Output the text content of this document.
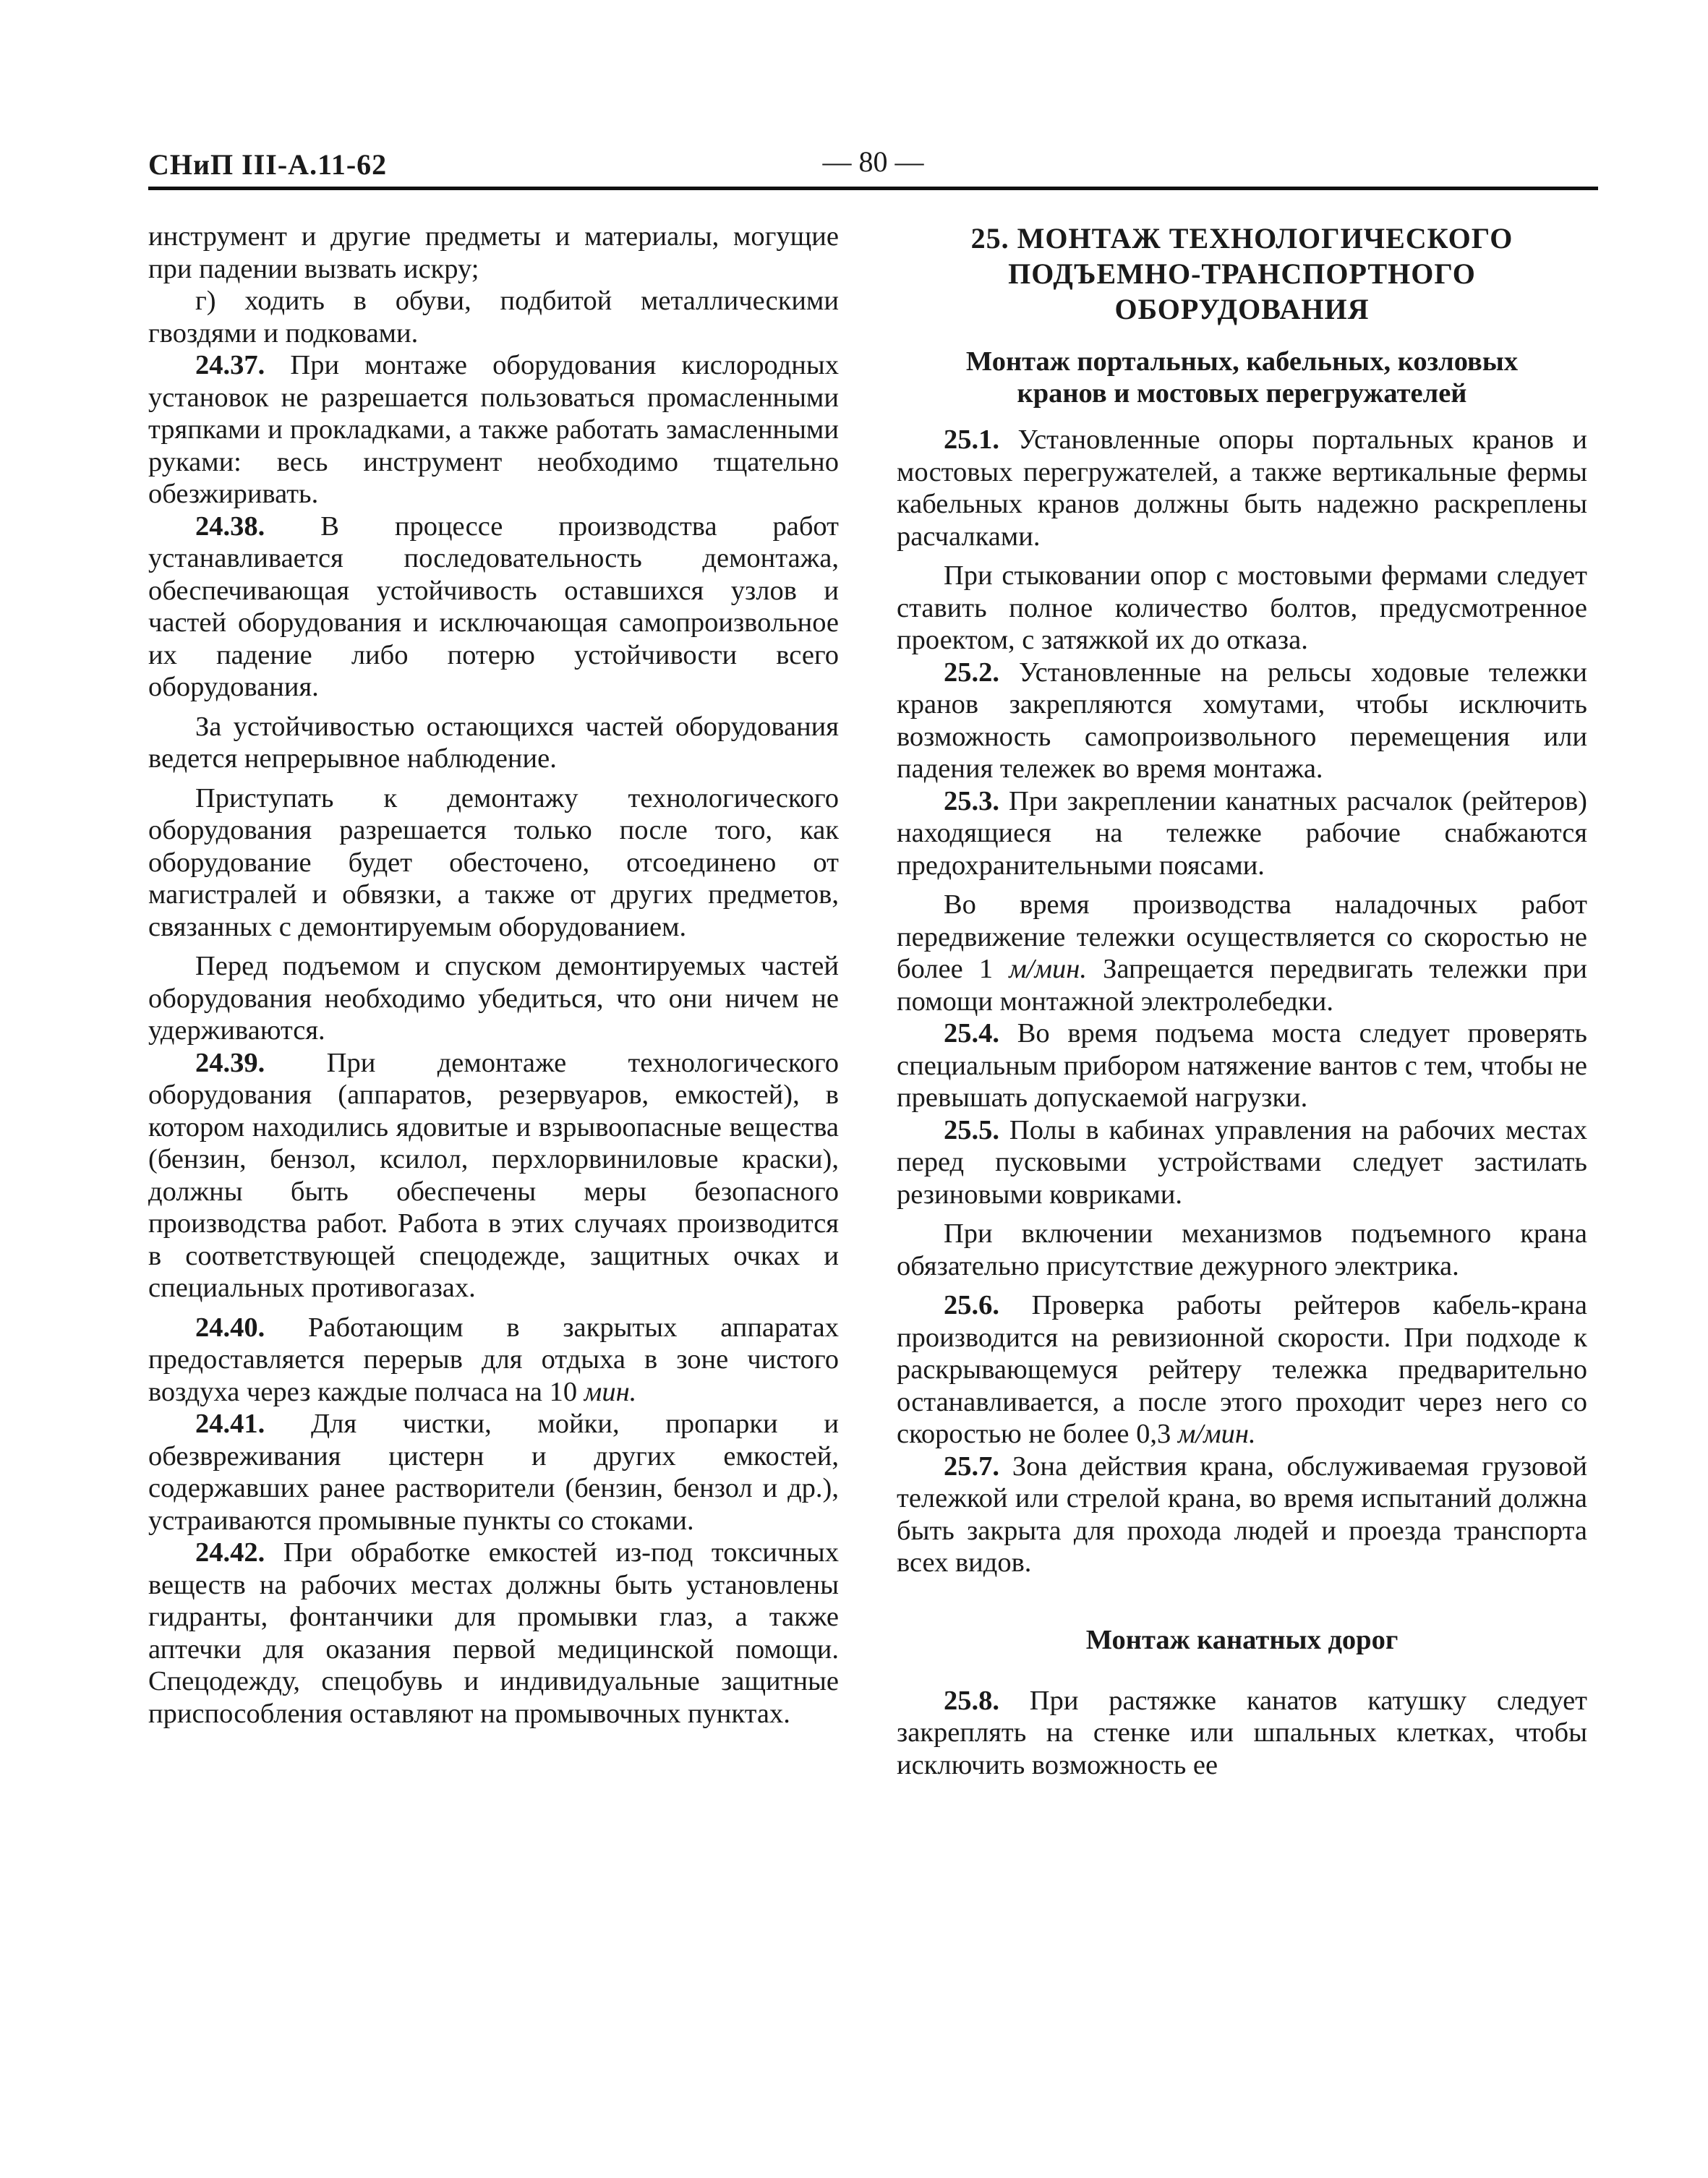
СНиП III-А.11-62	— 80 —

инструмент и другие предметы и материалы, могущие при падении вызвать искру;

г) ходить в обуви, подбитой металлическими гвоздями и подковами.

24.37. При монтаже оборудования кислородных установок не разрешается пользоваться промасленными тряпками и прокладками, а также работать замасленными руками: весь инструмент необходимо тщательно обезжиривать.

24.38. В процессе производства работ устанавливается последовательность демонтажа, обеспечивающая устойчивость оставшихся узлов и частей оборудования и исключающая самопроизвольное их падение либо потерю устойчивости всего оборудования.

За устойчивостью остающихся частей оборудования ведется непрерывное наблюдение.

Приступать к демонтажу технологического оборудования разрешается только после того, как оборудование будет обесточено, отсоединено от магистралей и обвязки, а также от других предметов, связанных с демонтируемым оборудованием.

Перед подъемом и спуском демонтируемых частей оборудования необходимо убедиться, что они ничем не удерживаются.

24.39. При демонтаже технологического оборудования (аппаратов, резервуаров, емкостей), в котором находились ядовитые и взрывоопасные вещества (бензин, бензол, ксилол, перхлорвиниловые краски), должны быть обеспечены меры безопасного производства работ. Работа в этих случаях производится в соответствующей спецодежде, защитных очках и специальных противогазах.

24.40. Работающим в закрытых аппаратах предоставляется перерыв для отдыха в зоне чистого воздуха через каждые полчаса на 10 мин.

24.41. Для чистки, мойки, пропарки и обезвреживания цистерн и других емкостей, содержавших ранее растворители (бензин, бензол и др.), устраиваются промывные пункты со стоками.

24.42. При обработке емкостей из-под токсичных веществ на рабочих местах должны быть установлены гидранты, фонтанчики для промывки глаз, а также аптечки для оказания первой медицинской помощи. Спецодежду, спецобувь и индивидуальные защитные приспособления оставляют на промывочных пунктах.

25. МОНТАЖ ТЕХНОЛОГИЧЕСКОГО
ПОДЪЕМНО-ТРАНСПОРТНОГО
ОБОРУДОВАНИЯ
Монтаж портальных, кабельных, козловых
кранов и мостовых перегружателей

25.1. Установленные опоры портальных кранов и мостовых перегружателей, а также вертикальные фермы кабельных кранов должны быть надежно раскреплены расчалками.

При стыковании опор с мостовыми фермами следует ставить полное количество болтов, предусмотренное проектом, с затяжкой их до отказа.

25.2. Установленные на рельсы ходовые тележки кранов закрепляются хомутами, чтобы исключить возможность самопроизвольного перемещения или падения тележек во время монтажа.

25.3. При закреплении канатных расчалок (рейтеров) находящиеся на тележке рабочие снабжаются предохранительными поясами.

Во время производства наладочных работ передвижение тележки осуществляется со скоростью не более 1 м/мин. Запрещается передвигать тележки при помощи монтажной электролебедки.

25.4. Во время подъема моста следует проверять специальным прибором натяжение вантов с тем, чтобы не превышать допускаемой нагрузки.

25.5. Полы в кабинах управления на рабочих местах перед пусковыми устройствами следует застилать резиновыми ковриками.

При включении механизмов подъемного крана обязательно присутствие дежурного электрика.

25.6. Проверка работы рейтеров кабель-крана производится на ревизионной скорости. При подходе к раскрывающемуся рейтеру тележка предварительно останавливается, а после этого проходит через него со скоростью не более 0,3 м/мин.

25.7. Зона действия крана, обслуживаемая грузовой тележкой или стрелой крана, во время испытаний должна быть закрыта для прохода людей и проезда транспорта всех видов.

Монтаж канатных дорог

25.8. При растяжке канатов катушку следует закреплять на стенке или шпальных клетках, чтобы исключить возможность ее
